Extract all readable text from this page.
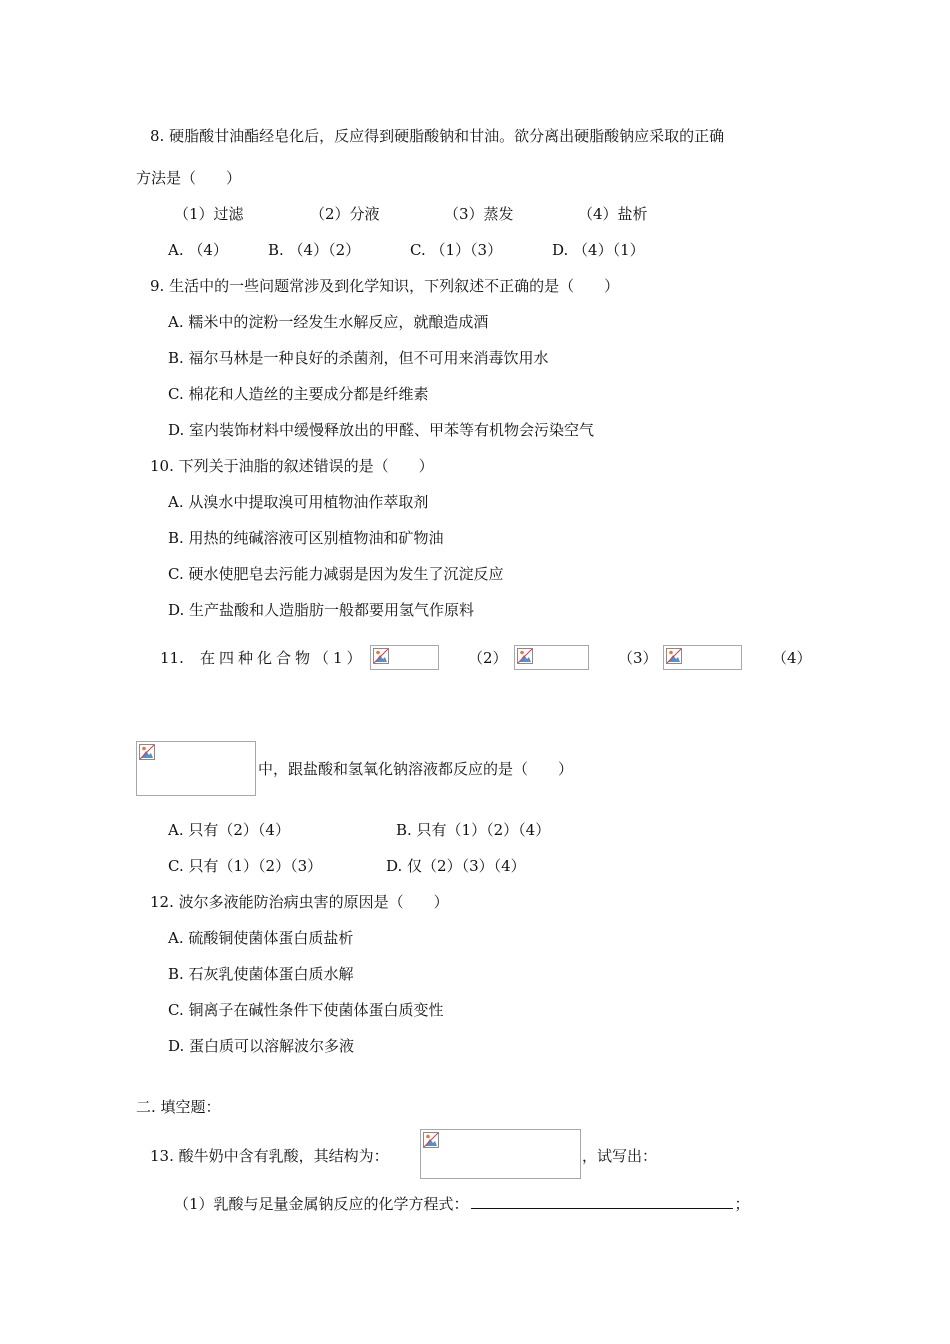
8. 硬脂酸甘油酯经皂化后，反应得到硬脂酸钠和甘油。欲分离出硬脂酸钠应采取的正确
方法是（　　）
（1）过滤	（2）分液	（3）蒸发	（4）盐析
A. （4）	B. （4）（2）	C. （1）（3）	D. （4）（1）
9. 生活中的一些问题常涉及到化学知识，下列叙述不正确的是（　　）
A. 糯米中的淀粉一经发生水解反应，就酿造成酒
B. 福尔马林是一种良好的杀菌剂，但不可用来消毒饮用水
C. 棉花和人造丝的主要成分都是纤维素
D. 室内装饰材料中缓慢释放出的甲醛、甲苯等有机物会污染空气
10. 下列关于油脂的叙述错误的是（　　）
A. 从溴水中提取溴可用植物油作萃取剂
B. 用热的纯碱溶液可区别植物油和矿物油
C. 硬水使肥皂去污能力减弱是因为发生了沉淀反应
D. 生产盐酸和人造脂肪一般都要用氢气作原料
11. 在四种化合物（1）	（2）	（3）	（4）
中，跟盐酸和氢氧化钠溶液都反应的是（　　）
A. 只有（2）（4）	B. 只有（1）（2）（4）
C. 只有（1）（2）（3）	D. 仅（2）（3）（4）
12. 波尔多液能防治病虫害的原因是（　　）
A. 硫酸铜使菌体蛋白质盐析
B. 石灰乳使菌体蛋白质水解
C. 铜离子在碱性条件下使菌体蛋白质变性
D. 蛋白质可以溶解波尔多液
二. 填空题：
13. 酸牛奶中含有乳酸，其结构为：	，试写出：
（1）乳酸与足量金属钠反应的化学方程式：	；
